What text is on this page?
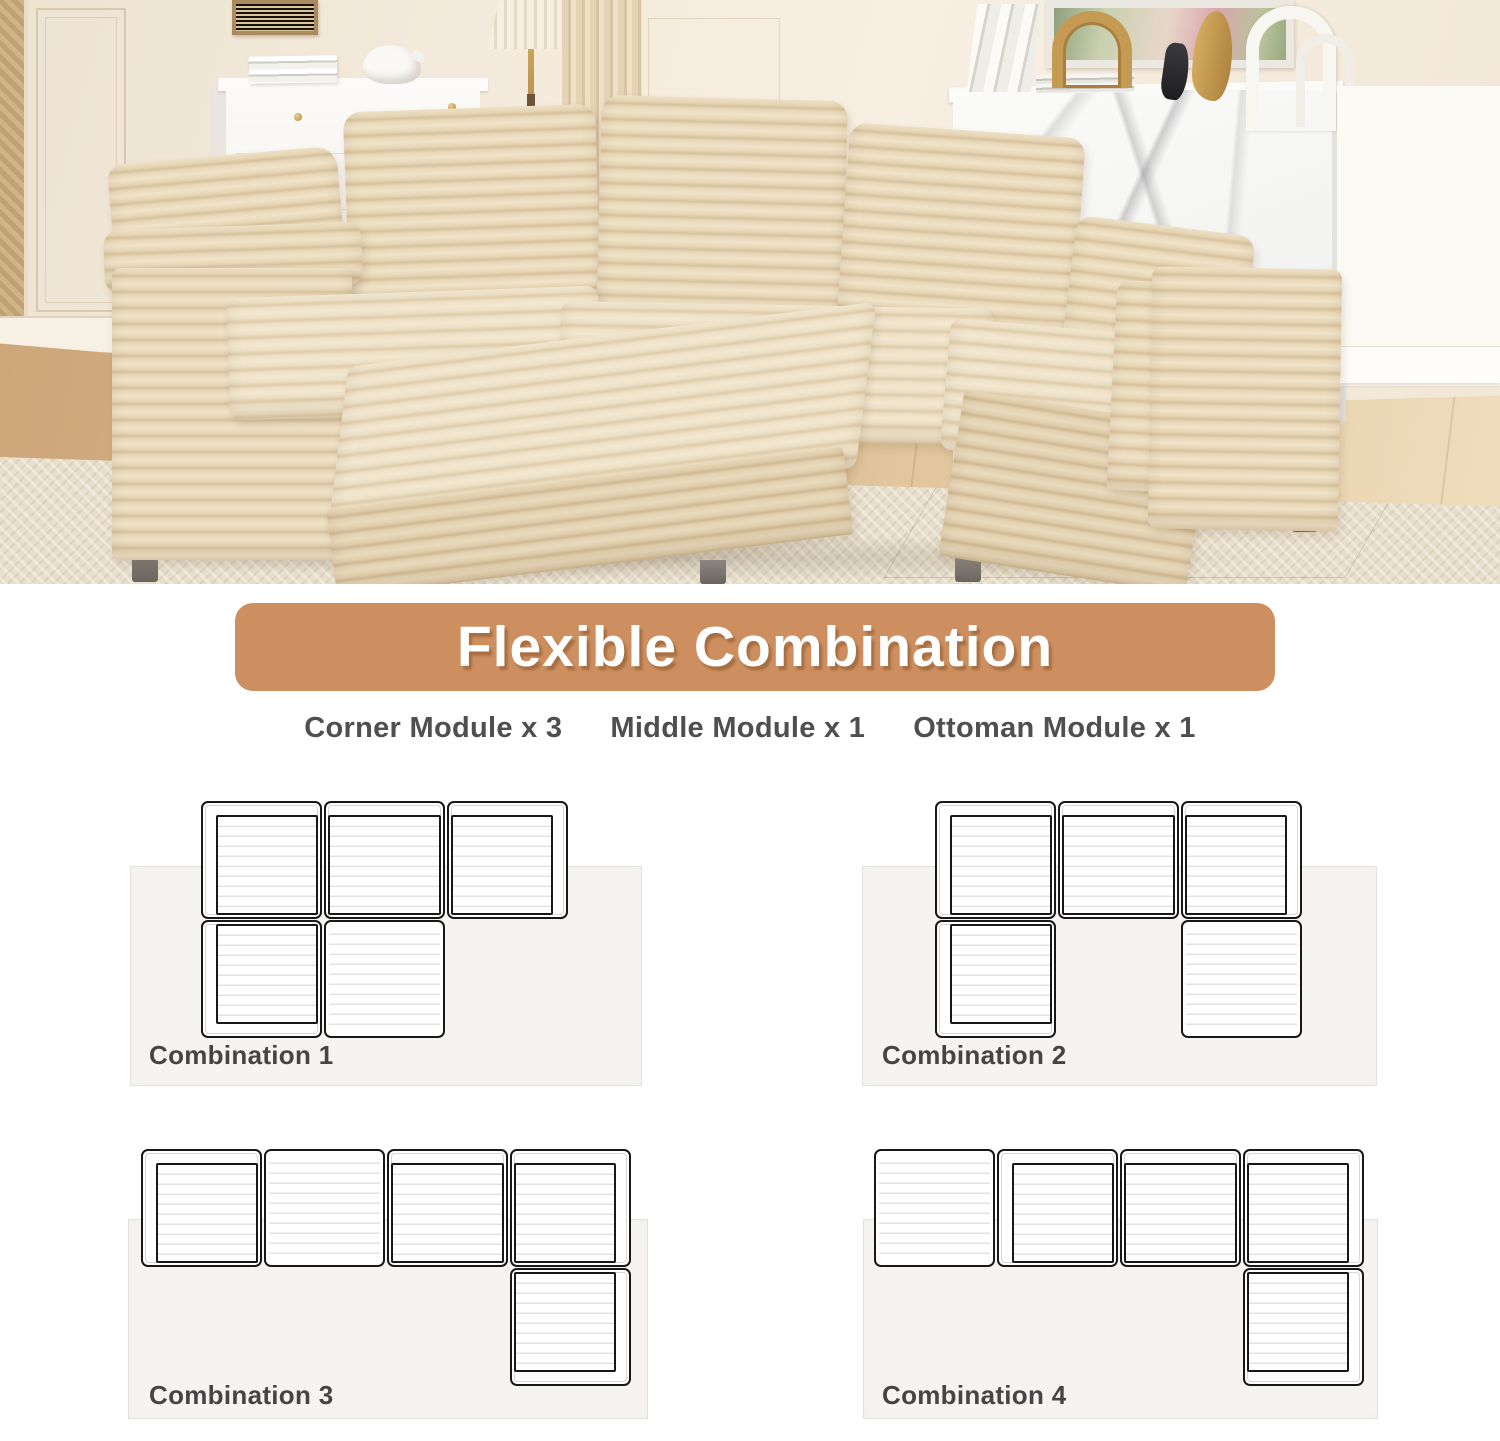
Flexible Combination
Corner Module x 3 Middle Module x 1 Ottoman Module x 1
Combination 1	Combination 2
Combination 3	Combination 4
